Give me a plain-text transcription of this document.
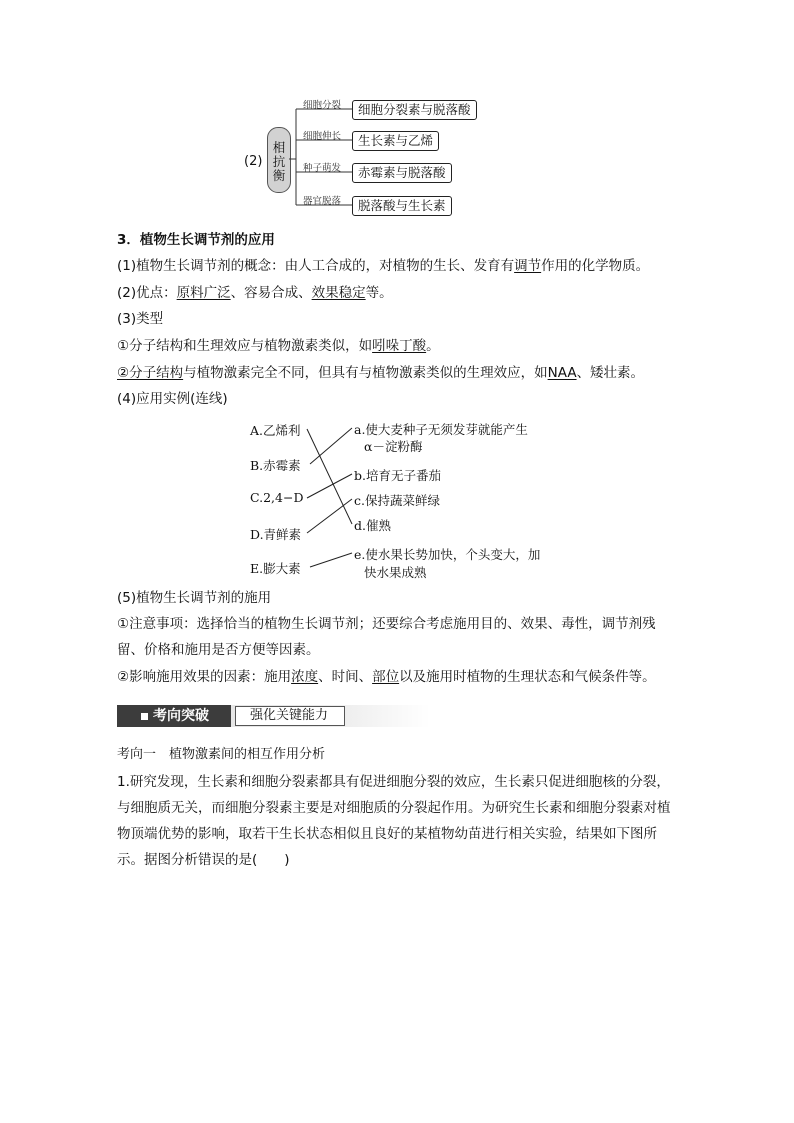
(2)
相
抗
衡
细胞分裂
细胞伸长
种子萌发
器官脱落
细胞分裂素与脱落酸
生长素与乙烯
赤霉素与脱落酸
脱落酸与生长素
3．植物生长调节剂的应用
(1)植物生长调节剂的概念：由人工合成的，对植物的生长、发育有调节作用的化学物质。
(2)优点：原料广泛、容易合成、效果稳定等。
(3)类型
①分子结构和生理效应与植物激素类似，如吲哚丁酸。
②分子结构与植物激素完全不同，但具有与植物激素类似的生理效应，如NAA、矮壮素。
(4)应用实例(连线)
A.乙烯利
B.赤霉素
C.2,4−D
D.青鲜素
E.膨大素
a.使大麦种子无须发芽就能产生
α－淀粉酶
b.培育无子番茄
c.保持蔬菜鲜绿
d.催熟
e.使水果长势加快，个头变大，加
快水果成熟
(5)植物生长调节剂的施用
①注意事项：选择恰当的植物生长调节剂；还要综合考虑施用目的、效果、毒性，调节剂残
留、价格和施用是否方便等因素。
②影响施用效果的因素：施用浓度、时间、部位以及施用时植物的生理状态和气候条件等。
考向突破	强化关键能力
考向一　植物激素间的相互作用分析
1.研究发现，生长素和细胞分裂素都具有促进细胞分裂的效应，生长素只促进细胞核的分裂，与细胞质无关，而细胞分裂素主要是对细胞质的分裂起作用。为研究生长素和细胞分裂素对植物顶端优势的影响，取若干生长状态相似且良好的某植物幼苗进行相关实验，结果如下图所示。据图分析错误的是(　　)
